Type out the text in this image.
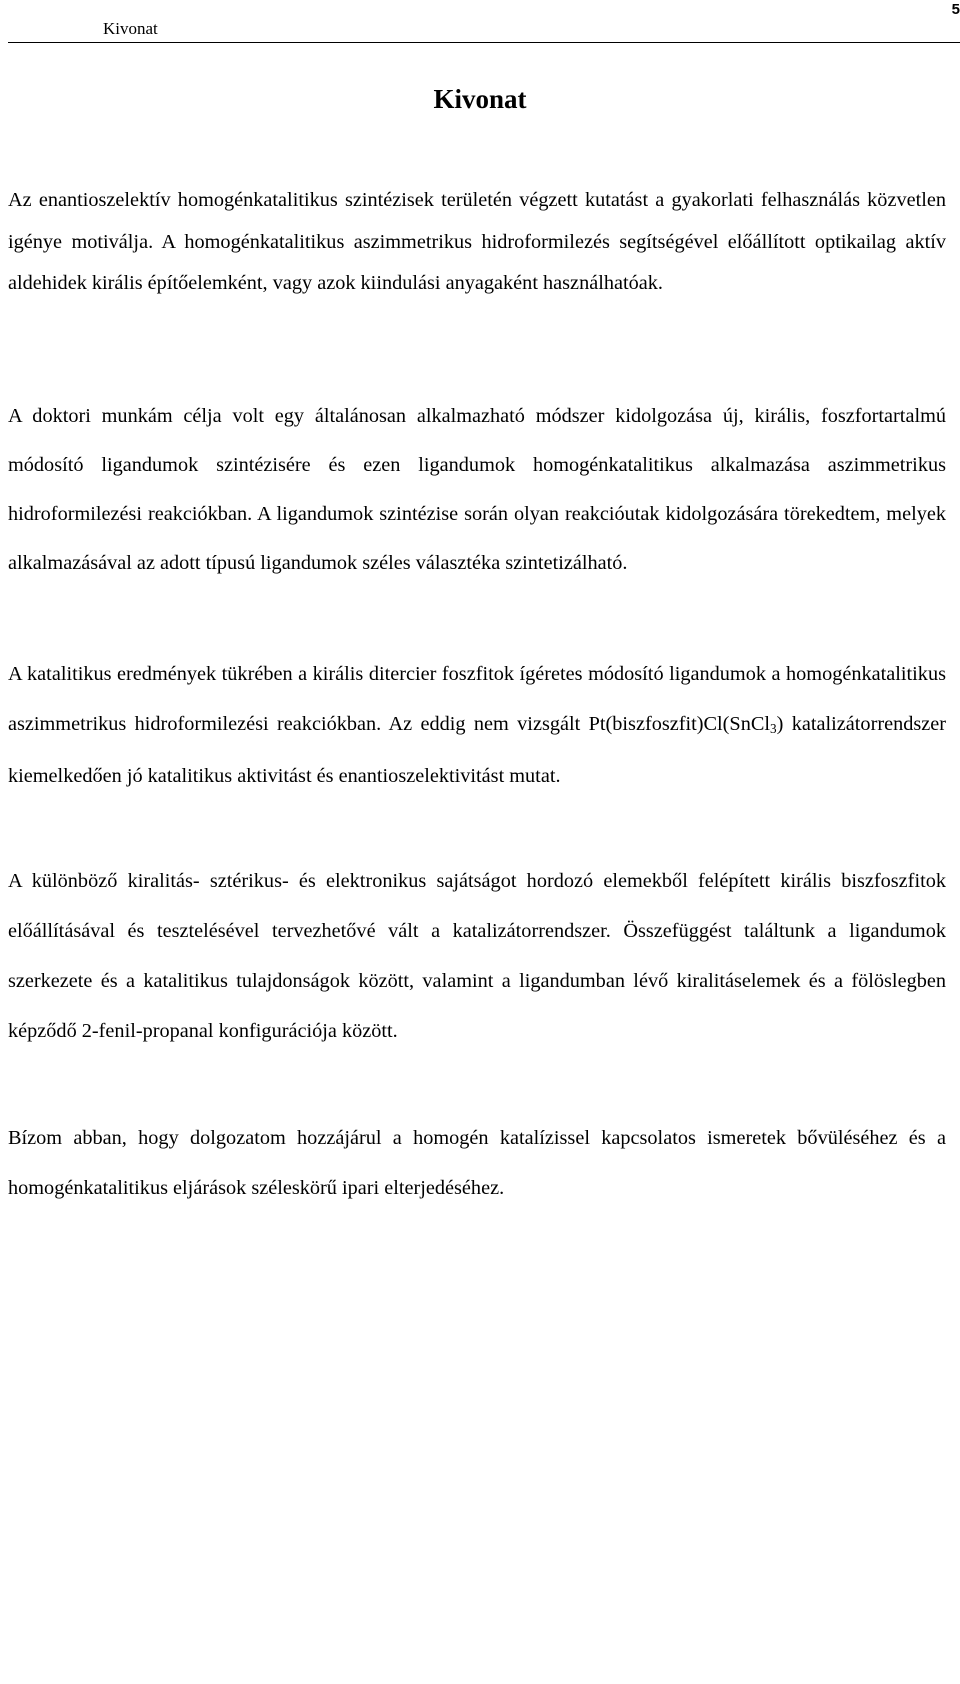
Kivonat
5
Kivonat

Az enantioszelektív homogénkatalitikus szintézisek területén végzett kutatást a gyakorlati felhasználás közvetlen igénye motiválja. A homogénkatalitikus aszimmetrikus hidroformilezés segítségével előállított optikailag aktív aldehidek királis építőelemként, vagy azok kiindulási anyagaként használhatóak.

A doktori munkám célja volt egy általánosan alkalmazható módszer kidolgozása új, királis, foszfortartalmú módosító ligandumok szintézisére és ezen ligandumok homogénkatalitikus alkalmazása aszimmetrikus hidroformilezési reakciókban. A ligandumok szintézise során olyan reakcióutak kidolgozására törekedtem, melyek alkalmazásával az adott típusú ligandumok széles választéka szintetizálható.

A katalitikus eredmények tükrében a királis ditercier foszfitok ígéretes módosító ligandumok a homogénkatalitikus aszimmetrikus hidroformilezési reakciókban. Az eddig nem vizsgált Pt(biszfoszfit)Cl(SnCl$_3$) katalizátorrendszer kiemelkedően jó katalitikus aktivitást és enantioszelektivitást mutat.

A különböző kiralitás- sztérikus- és elektronikus sajátságot hordozó elemekből felépített királis biszfoszfitok előállításával és tesztelésével tervezhetővé vált a katalizátorrendszer. Összefüggést találtunk a ligandumok szerkezete és a katalitikus tulajdonságok között, valamint a ligandumban lévő kiralitáselemek és a fölöslegben képződő 2-fenil-propanal konfigurációja között.

Bízom abban, hogy dolgozatom hozzájárul a homogén katalízissel kapcsolatos ismeretek bővüléséhez és a homogénkatalitikus eljárások széleskörű ipari elterjedéséhez.
